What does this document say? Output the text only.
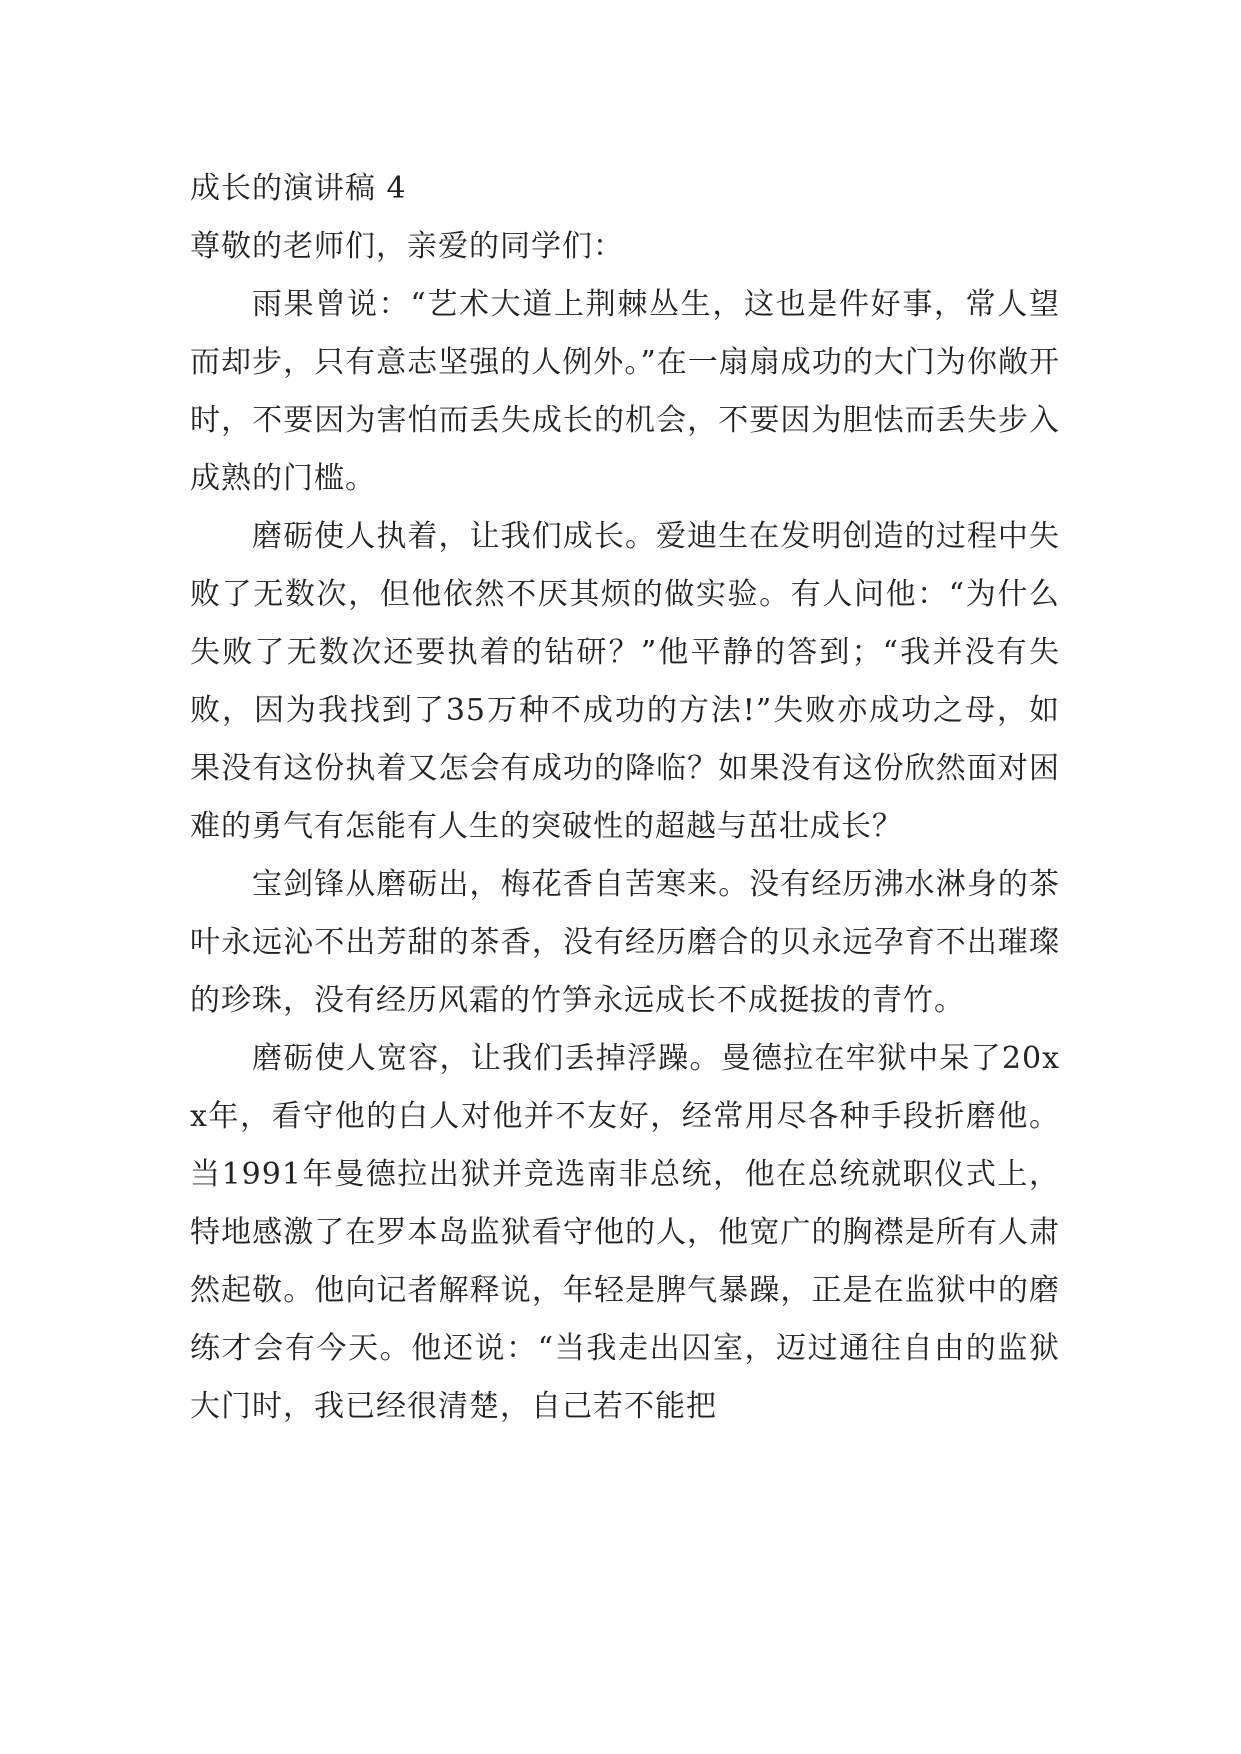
成长的演讲稿 4

尊敬的老师们，亲爱的同学们：

雨果曾说：“艺术大道上荆棘丛生，这也是件好事，常人望而却步，只有意志坚强的人例外。”在一扇扇成功的大门为你敞开时，不要因为害怕而丢失成长的机会，不要因为胆怯而丢失步入成熟的门槛。

磨砺使人执着，让我们成长。爱迪生在发明创造的过程中失败了无数次，但他依然不厌其烦的做实验。有人问他：“为什么失败了无数次还要执着的钻研？”他平静的答到；“我并没有失败，因为我找到了35万种不成功的方法!”失败亦成功之母，如果没有这份执着又怎会有成功的降临？如果没有这份欣然面对困难的勇气有怎能有人生的突破性的超越与茁壮成长？

宝剑锋从磨砺出，梅花香自苦寒来。没有经历沸水淋身的茶叶永远沁不出芳甜的茶香，没有经历磨合的贝永远孕育不出璀璨的珍珠，没有经历风霜的竹笋永远成长不成挺拔的青竹。

磨砺使人宽容，让我们丢掉浮躁。曼德拉在牢狱中呆了20xx年，看守他的白人对他并不友好，经常用尽各种手段折磨他。当1991年曼德拉出狱并竞选南非总统，他在总统就职仪式上，特地感激了在罗本岛监狱看守他的人，他宽广的胸襟是所有人肃然起敬。他向记者解释说，年轻是脾气暴躁，正是在监狱中的磨练才会有今天。他还说：“当我走出囚室，迈过通往自由的监狱大门时，我已经很清楚，自己若不能把
